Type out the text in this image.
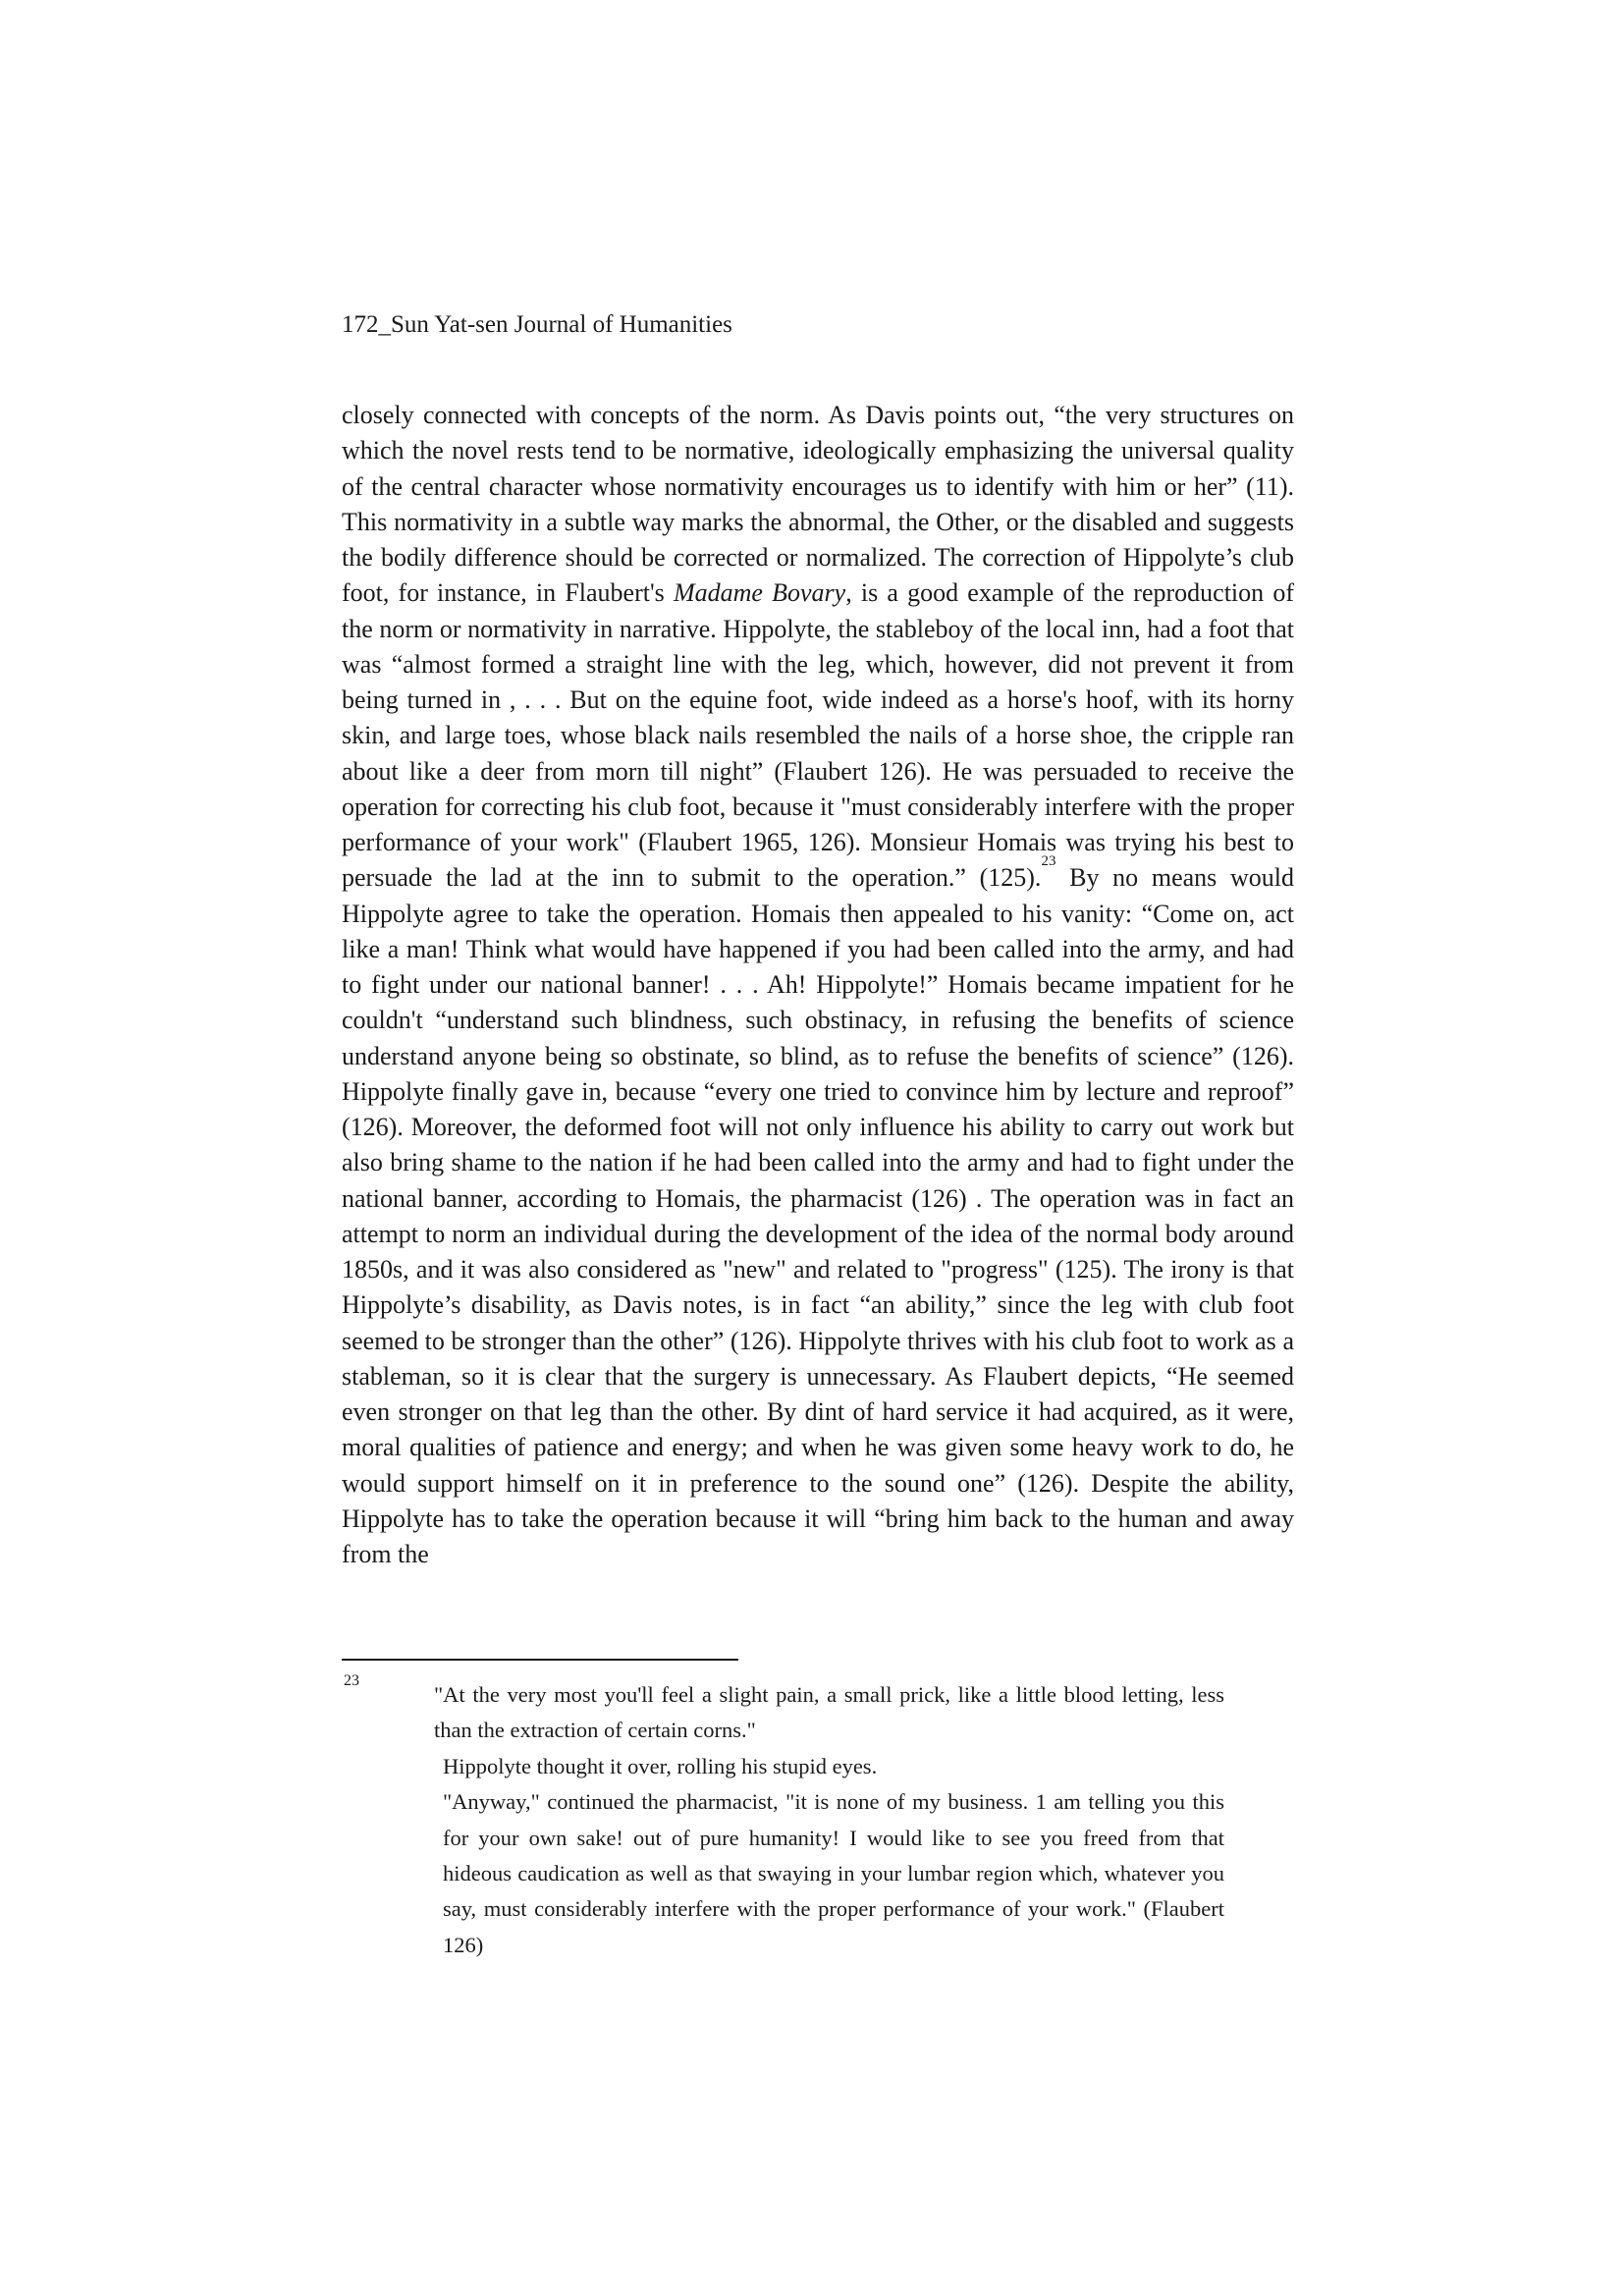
172_Sun Yat-sen Journal of Humanities

closely connected with concepts of the norm. As Davis points out, “the very structures on which the novel rests tend to be normative, ideologically emphasizing the universal quality of the central character whose normativity encourages us to identify with him or her” (11). This normativity in a subtle way marks the abnormal, the Other, or the disabled and suggests the bodily difference should be corrected or normalized. The correction of Hippolyte’s club foot, for instance, in Flaubert's Madame Bovary, is a good example of the reproduction of the norm or normativity in narrative. Hippolyte, the stableboy of the local inn, had a foot that was “almost formed a straight line with the leg, which, however, did not prevent it from being turned in , . . . But on the equine foot, wide indeed as a horse's hoof, with its horny skin, and large toes, whose black nails resembled the nails of a horse shoe, the cripple ran about like a deer from morn till night” (Flaubert 126). He was persuaded to receive the operation for correcting his club foot, because it "must considerably interfere with the proper performance of your work" (Flaubert 1965, 126). Monsieur Homais was trying his best to persuade the lad at the inn to submit to the operation.” (125).$^{23}$ By no means would Hippolyte agree to take the operation. Homais then appealed to his vanity: “Come on, act like a man! Think what would have happened if you had been called into the army, and had to fight under our national banner! . . . Ah! Hippolyte!” Homais became impatient for he couldn't “understand such blindness, such obstinacy, in refusing the benefits of science understand anyone being so obstinate, so blind, as to refuse the benefits of science” (126). Hippolyte finally gave in, because “every one tried to convince him by lecture and reproof” (126). Moreover, the deformed foot will not only influence his ability to carry out work but also bring shame to the nation if he had been called into the army and had to fight under the national banner, according to Homais, the pharmacist (126) . The operation was in fact an attempt to norm an individual during the development of the idea of the normal body around 1850s, and it was also considered as "new" and related to "progress" (125). The irony is that Hippolyte’s disability, as Davis notes, is in fact “an ability,” since the leg with club foot seemed to be stronger than the other” (126). Hippolyte thrives with his club foot to work as a stableman, so it is clear that the surgery is unnecessary. As Flaubert depicts, “He seemed even stronger on that leg than the other. By dint of hard service it had acquired, as it were, moral qualities of patience and energy; and when he was given some heavy work to do, he would support himself on it in preference to the sound one” (126). Despite the ability, Hippolyte has to take the operation because it will “bring him back to the human and away from the

23

"At the very most you'll feel a slight pain, a small prick, like a little blood letting, less than the extraction of certain corns."

Hippolyte thought it over, rolling his stupid eyes.

"Anyway," continued the pharmacist, "it is none of my business. 1 am telling you this for your own sake! out of pure humanity! I would like to see you freed from that hideous caudication as well as that swaying in your lumbar region which, whatever you say, must considerably interfere with the proper performance of your work." (Flaubert 126)
